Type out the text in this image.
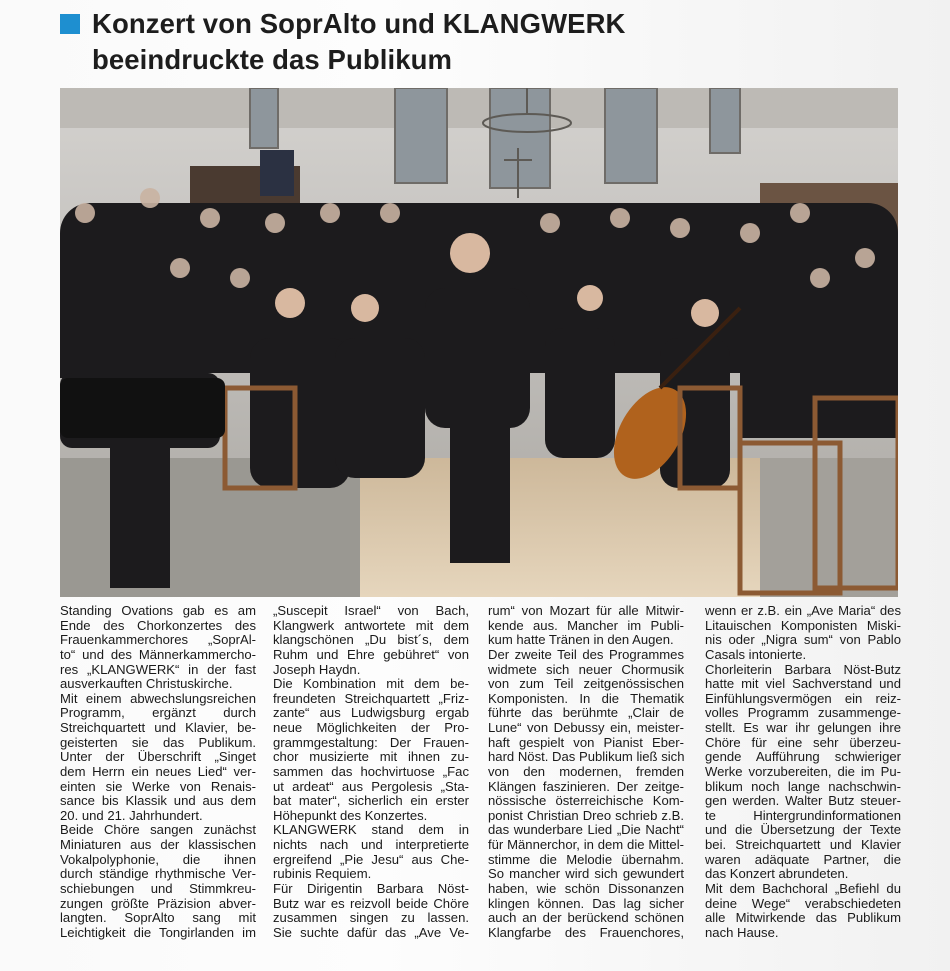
Konzert von SoprAlto und KLANGWERK
beeindruckte das Publikum
Standing Ovations gab es am
Ende des Chorkonzertes des
Frauenkammerchores „SoprAl-
to“ und des Männerkammercho-
res „KLANGWERK“ in der fast
ausverkauften Christuskirche.
Mit einem abwechslungsreichen
Programm, ergänzt durch
Streichquartett und Klavier, be-
geisterten sie das Publikum.
Unter der Überschrift „Singet
dem Herrn ein neues Lied“ ver-
einten sie Werke von Renais-
sance bis Klassik und aus dem
20. und 21. Jahrhundert.
Beide Chöre sangen zunächst
Miniaturen aus der klassischen
Vokalpolyphonie, die ihnen
durch ständige rhythmische Ver-
schiebungen und Stimmkreu-
zungen größte Präzision abver-
langten. SoprAlto sang mit
Leichtigkeit die Tongirlanden im
„Suscepit Israel“ von Bach,
Klangwerk antwortete mit dem
klangschönen „Du bist´s, dem
Ruhm und Ehre gebühret“ von
Joseph Haydn.
Die Kombination mit dem be-
freundeten Streichquartett „Friz-
zante“ aus Ludwigsburg ergab
neue Möglichkeiten der Pro-
grammgestaltung: Der Frauen-
chor musizierte mit ihnen zu-
sammen das hochvirtuose „Fac
ut ardeat“ aus Pergolesis „Sta-
bat mater“, sicherlich ein erster
Höhepunkt des Konzertes.
KLANGWERK stand dem in
nichts nach und interpretierte
ergreifend „Pie Jesu“ aus Che-
rubinis Requiem.
Für Dirigentin Barbara Nöst-
Butz war es reizvoll beide Chöre
zusammen singen zu lassen.
Sie suchte dafür das „Ave Ve-
rum“ von Mozart für alle Mitwir-
kende aus. Mancher im Publi-
kum hatte Tränen in den Augen.
Der zweite Teil des Programmes
widmete sich neuer Chormusik
von zum Teil zeitgenössischen
Komponisten. In die Thematik
führte das berühmte „Clair de
Lune“ von Debussy ein, meister-
haft gespielt von Pianist Eber-
hard Nöst. Das Publikum ließ sich
von den modernen, fremden
Klängen faszinieren. Der zeitge-
nössische österreichische Kom-
ponist Christian Dreo schrieb z.B.
das wunderbare Lied „Die Nacht“
für Männerchor, in dem die Mittel-
stimme die Melodie übernahm.
So mancher wird sich gewundert
haben, wie schön Dissonanzen
klingen können. Das lag sicher
auch an der berückend schönen
Klangfarbe des Frauenchores,
wenn er z.B. ein „Ave Maria“ des
Litauischen Komponisten Miski-
nis oder „Nigra sum“ von Pablo
Casals intonierte.
Chorleiterin Barbara Nöst-Butz
hatte mit viel Sachverstand und
Einfühlungsvermögen ein reiz-
volles Programm zusammenge-
stellt. Es war ihr gelungen ihre
Chöre für eine sehr überzeu-
gende Aufführung schwieriger
Werke vorzubereiten, die im Pu-
blikum noch lange nachschwin-
gen werden. Walter Butz steuer-
te Hintergrundinformationen
und die Übersetzung der Texte
bei. Streichquartett und Klavier
waren adäquate Partner, die
das Konzert abrundeten.
Mit dem Bachchoral „Befiehl du
deine Wege“ verabschiedeten
alle Mitwirkende das Publikum
nach Hause.
